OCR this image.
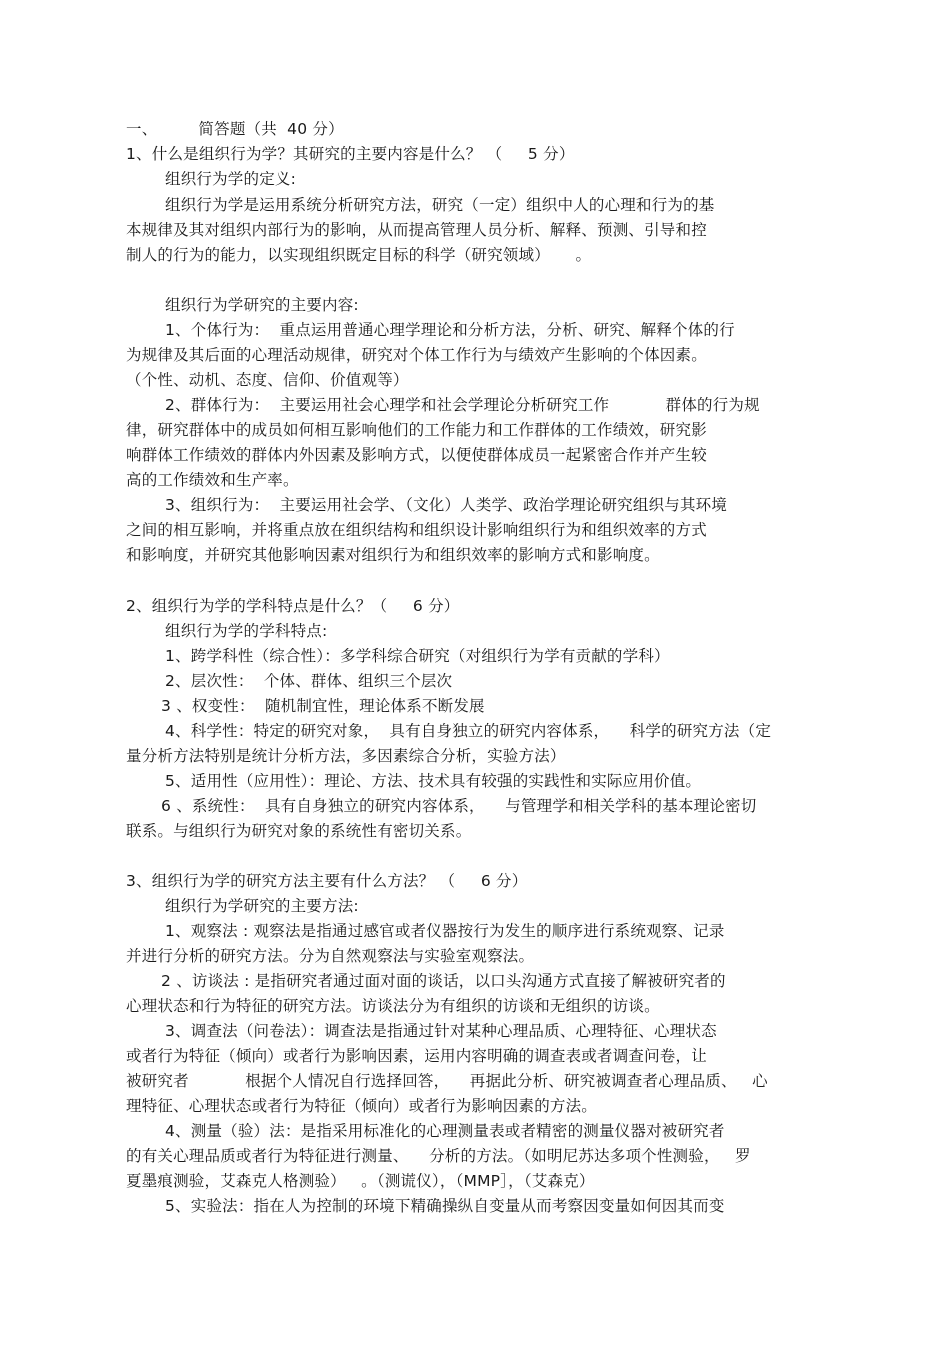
一、        简答题（共  40 分）
1、什么是组织行为学？其研究的主要内容是什么？ （     5 分）
组织行为学的定义:
组织行为学是运用系统分析研究方法，研究（一定）组织中人的心理和行为的基
本规律及其对组织内部行为的影响，从而提高管理人员分析、解释、预测、引导和控
制人的行为的能力，以实现组织既定目标的科学（研究领域）     。
组织行为学研究的主要内容:
1、个体行为：  重点运用普通心理学理论和分析方法，分析、研究、解释个体的行
为规律及其后面的心理活动规律，研究对个体工作行为与绩效产生影响的个体因素。
（个性、动机、态度、信仰、价值观等）
2、群体行为：  主要运用社会心理学和社会学理论分析研究工作           群体的行为规
律，研究群体中的成员如何相互影响他们的工作能力和工作群体的工作绩效，研究影
响群体工作绩效的群体内外因素及影响方式，以便使群体成员一起紧密合作并产生较
高的工作绩效和生产率。
3、组织行为：  主要运用社会学、（文化）人类学、政治学理论研究组织与其环境
之间的相互影响，并将重点放在组织结构和组织设计影响组织行为和组织效率的方式
和影响度，并研究其他影响因素对组织行为和组织效率的影响方式和影响度。
2、组织行为学的学科特点是什么？（     6 分）
组织行为学的学科特点:
1、跨学科性（综合性）：多学科综合研究（对组织行为学有贡献的学科）
2、层次性：  个体、群体、组织三个层次
3 、权变性：  随机制宜性，理论体系不断发展
4、科学性：特定的研究对象，  具有自身独立的研究内容体系，    科学的研究方法（定
量分析方法特别是统计分析方法，多因素综合分析，实验方法）
5、适用性（应用性）：理论、方法、技术具有较强的实践性和实际应用价值。
6 、系统性：  具有自身独立的研究内容体系，    与管理学和相关学科的基本理论密切
联系。与组织行为研究对象的系统性有密切关系。
3、组织行为学的研究方法主要有什么方法？ （     6 分）
组织行为学研究的主要方法:
1、观察法 : 观察法是指通过感官或者仪器按行为发生的顺序进行系统观察、记录
并进行分析的研究方法。分为自然观察法与实验室观察法。
2 、访谈法 : 是指研究者通过面对面的谈话，以口头沟通方式直接了解被研究者的
心理状态和行为特征的研究方法。访谈法分为有组织的访谈和无组织的访谈。
3、调查法（问卷法）：调查法是指通过针对某种心理品质、心理特征、心理状态
或者行为特征（倾向）或者行为影响因素，运用内容明确的调查表或者调查问卷，让
被研究者           根据个人情况自行选择回答，    再据此分析、研究被调查者心理品质、   心
理特征、心理状态或者行为特征（倾向）或者行为影响因素的方法。
4、测量（验）法：是指采用标准化的心理测量表或者精密的测量仪器对被研究者
的有关心理品质或者行为特征进行测量、    分析的方法。（如明尼苏达多项个性测验，   罗
夏墨痕测验，艾森克人格测验）   。（测谎仪），（MMP］，（艾森克）
5、实验法：指在人为控制的环境下精确操纵自变量从而考察因变量如何因其而变
